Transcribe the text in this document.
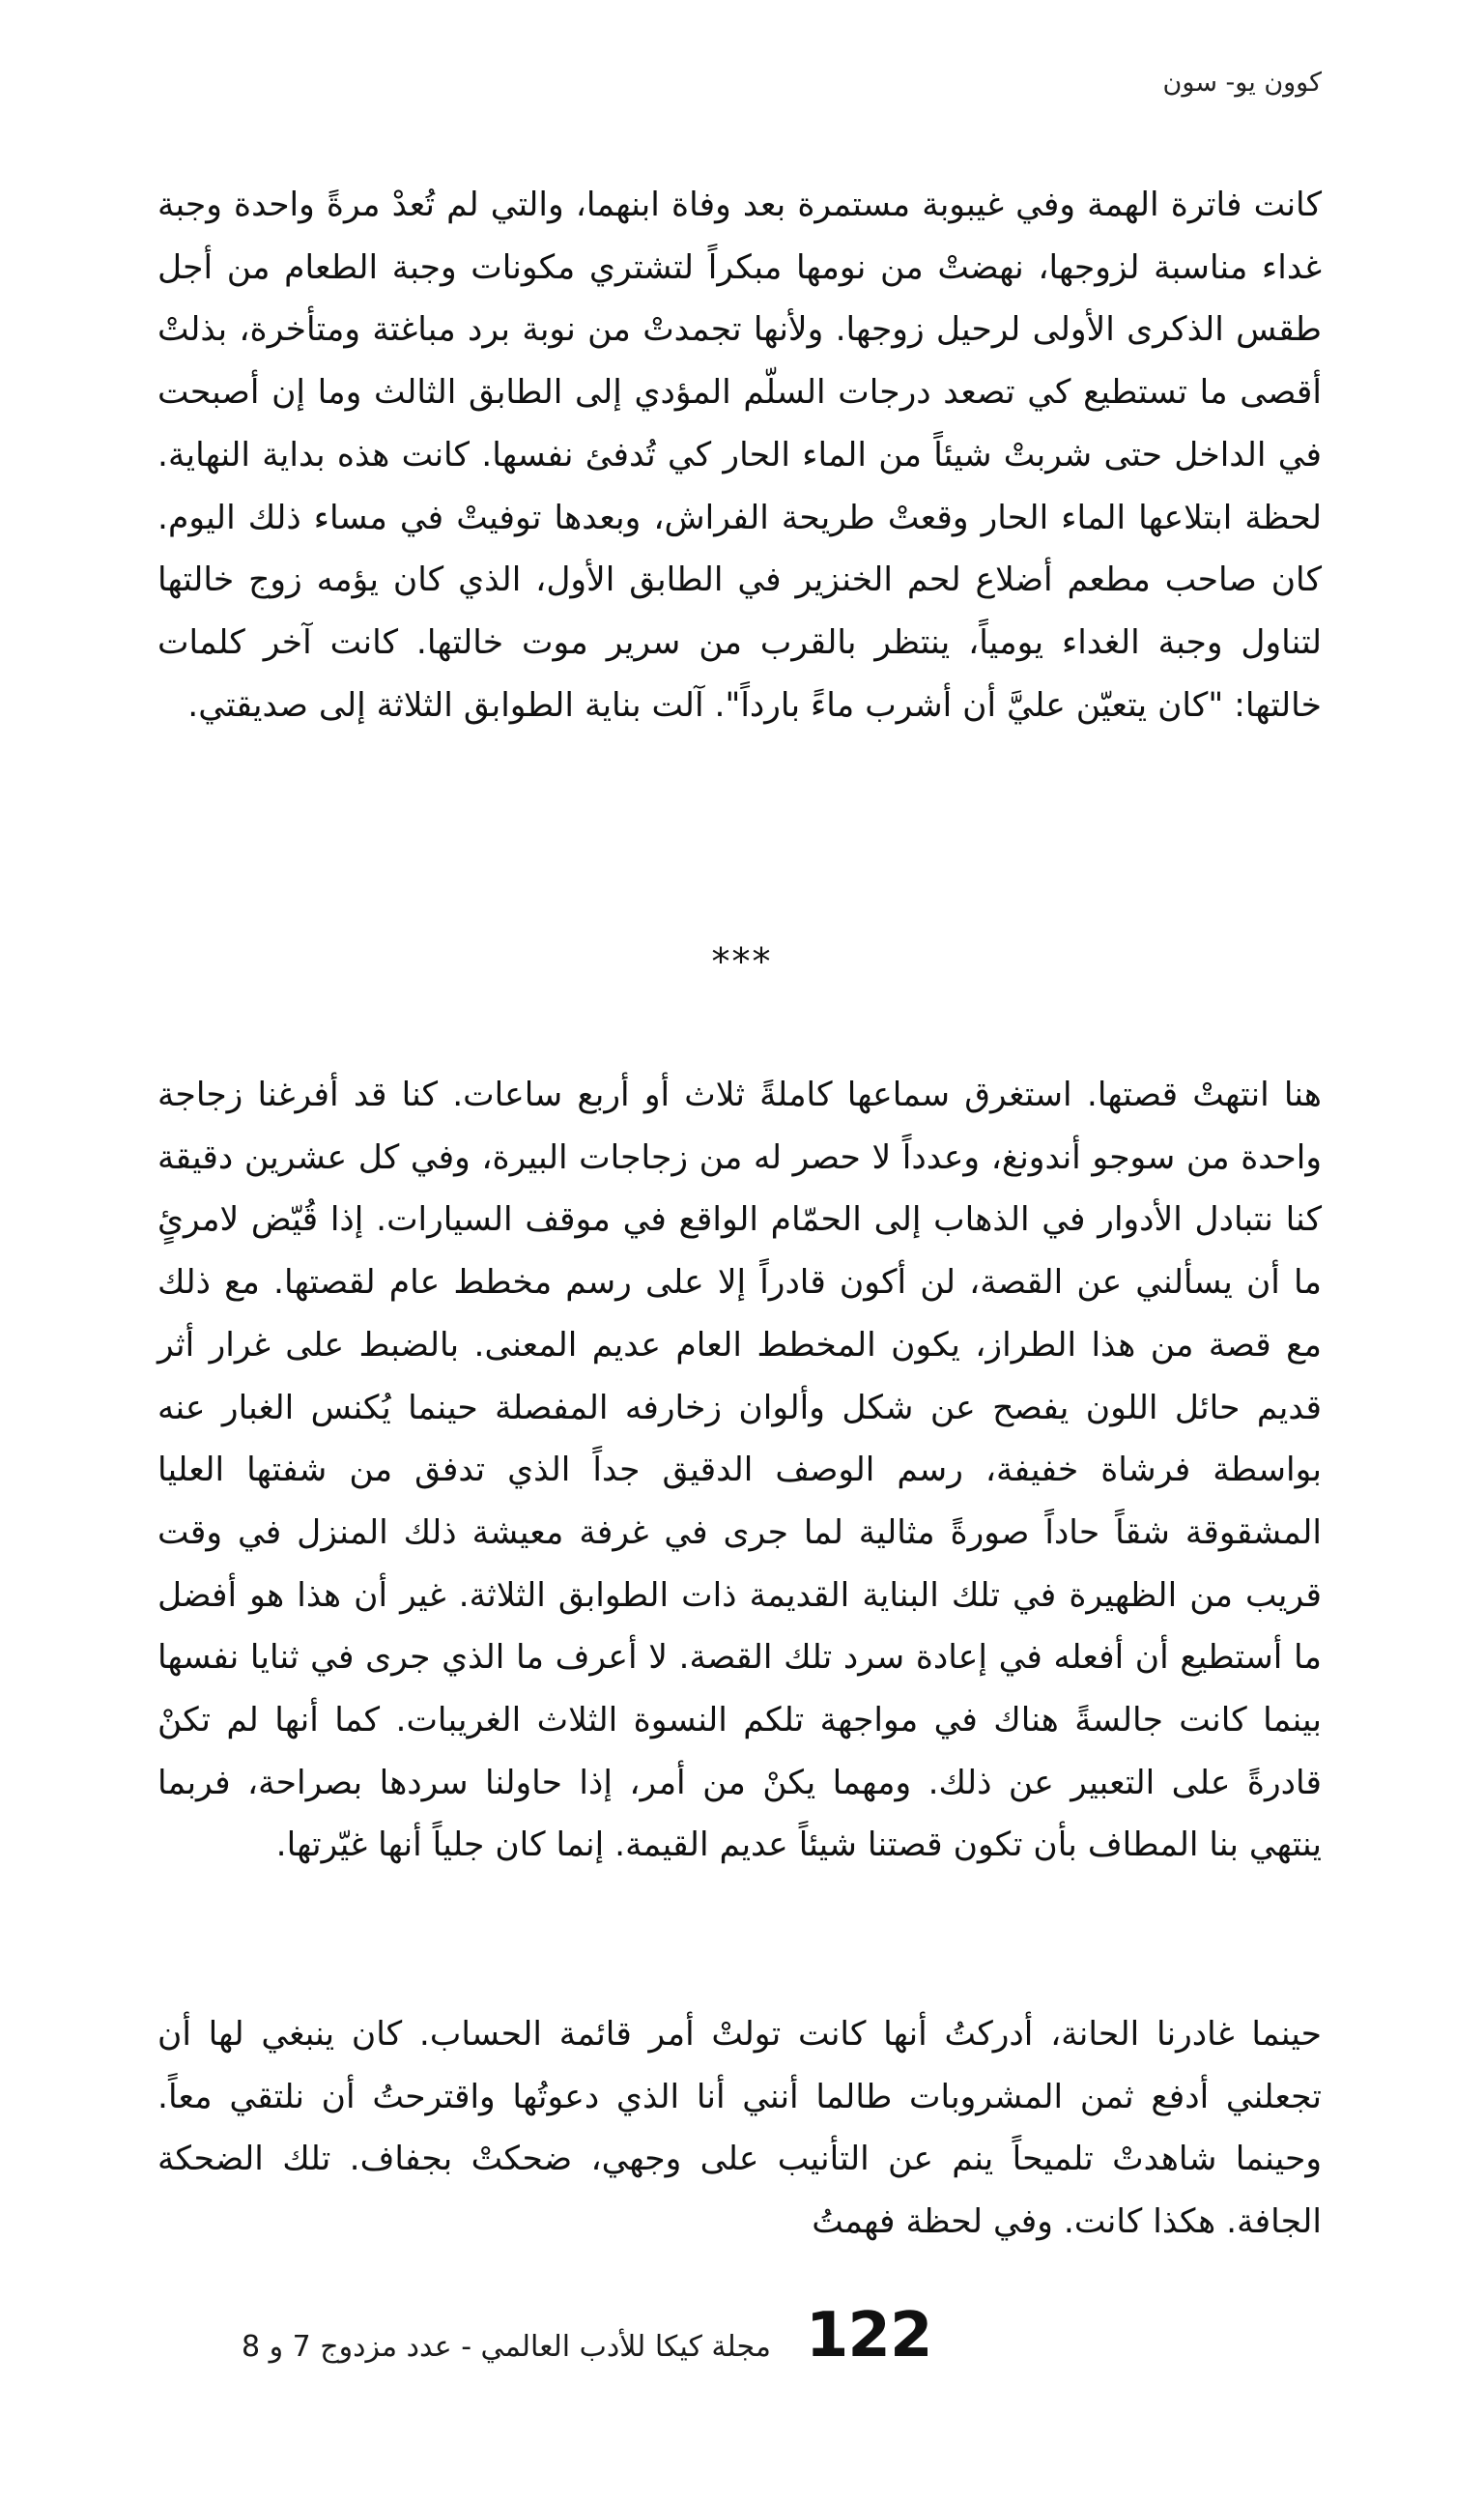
كوون يو- سون

كانت فاترة الهمة وفي غيبوبة مستمرة بعد وفاة ابنهما، والتي لم تُعدْ مرةً واحدة وجبة غداء مناسبة لزوجها، نهضتْ من نومها مبكراً لتشتري مكونات وجبة الطعام من أجل طقس الذكرى الأولى لرحيل زوجها. ولأنها تجمدتْ من نوبة برد مباغتة ومتأخرة، بذلتْ أقصى ما تستطيع كي تصعد درجات السلّم المؤدي إلى الطابق الثالث وما إن أصبحت في الداخل حتى شربتْ شيئاً من الماء الحار كي تُدفئ نفسها. كانت هذه بداية النهاية. لحظة ابتلاعها الماء الحار وقعتْ طريحة الفراش، وبعدها توفيتْ في مساء ذلك اليوم. كان صاحب مطعم أضلاع لحم الخنزير في الطابق الأول، الذي كان يؤمه زوج خالتها لتناول وجبة الغداء يومياً، ينتظر بالقرب من سرير موت خالتها. كانت آخر كلمات خالتها: "كان يتعيّن عليَّ أن أشرب ماءً بارداً". آلت بناية الطوابق الثلاثة إلى صديقتي.

***

هنا انتهتْ قصتها. استغرق سماعها كاملةً ثلاث أو أربع ساعات. كنا قد أفرغنا زجاجة واحدة من سوجو أندونغ، وعدداً لا حصر له من زجاجات البيرة، وفي كل عشرين دقيقة كنا نتبادل الأدوار في الذهاب إلى الحمّام الواقع في موقف السيارات. إذا قُيّض لامرئٍ ما أن يسألني عن القصة، لن أكون قادراً إلا على رسم مخطط عام لقصتها. مع ذلك مع قصة من هذا الطراز، يكون المخطط العام عديم المعنى. بالضبط على غرار أثر قديم حائل اللون يفصح عن شكل وألوان زخارفه المفصلة حينما يُكنس الغبار عنه بواسطة فرشاة خفيفة، رسم الوصف الدقيق جداً الذي تدفق من شفتها العليا المشقوقة شقاً حاداً صورةً مثالية لما جرى في غرفة معيشة ذلك المنزل في وقت قريب من الظهيرة في تلك البناية القديمة ذات الطوابق الثلاثة. غير أن هذا هو أفضل ما أستطيع أن أفعله في إعادة سرد تلك القصة. لا أعرف ما الذي جرى في ثنايا نفسها بينما كانت جالسةً هناك في مواجهة تلكم النسوة الثلاث الغريبات. كما أنها لم تكنْ قادرةً على التعبير عن ذلك. ومهما يكنْ من أمر، إذا حاولنا سردها بصراحة، فربما ينتهي بنا المطاف بأن تكون قصتنا شيئاً عديم القيمة. إنما كان جلياً أنها غيّرتها.

حينما غادرنا الحانة، أدركتُ أنها كانت تولتْ أمر قائمة الحساب. كان ينبغي لها أن تجعلني أدفع ثمن المشروبات طالما أنني أنا الذي دعوتُها واقترحتُ أن نلتقي معاً. وحينما شاهدتْ تلميحاً ينم عن التأنيب على وجهي، ضحكتْ بجفاف. تلك الضحكة الجافة. هكذا كانت. وفي لحظة فهمتُ

مجلة كيكا للأدب العالمي - عدد مزدوج 7 و 8 122
